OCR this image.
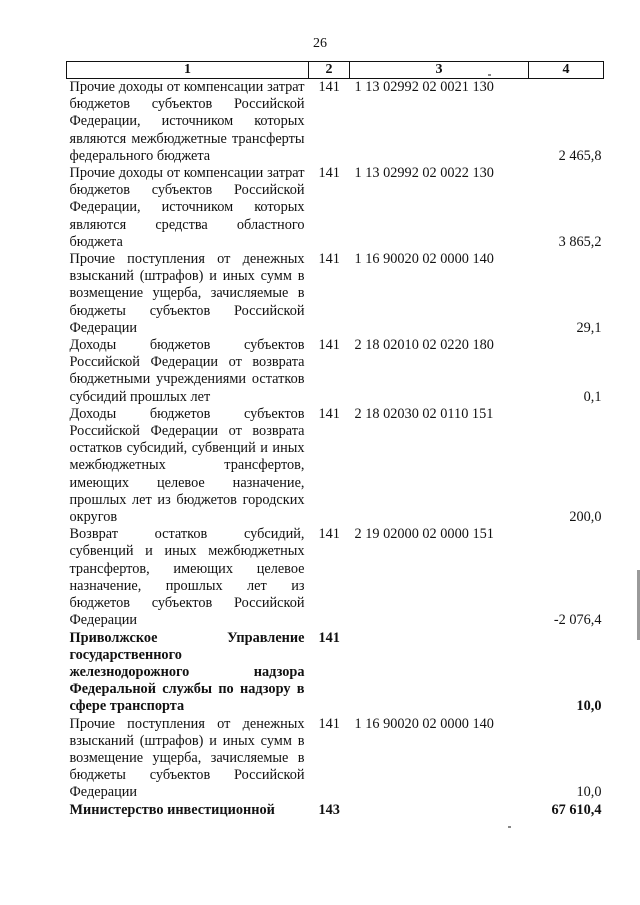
26
1	2	3	4
Прочие доходы от компенсации затрат бюджетов субъектов Российской Федерации, источником которых являются межбюджетные трансферты федерального бюджета	141	1 13 02992 02 0021 130	2 465,8
Прочие доходы от компенсации затрат бюджетов субъектов Российской Федерации, источником которых являются средства областного бюджета	141	1 13 02992 02 0022 130	3 865,2
Прочие поступления от денежных взысканий (штрафов) и иных сумм в возмещение ущерба, зачисляемые в бюджеты субъектов Российской Федерации	141	1 16 90020 02 0000 140	29,1
Доходы бюджетов субъектов Российской Федерации от возврата бюджетными учреждениями остатков субсидий прошлых лет	141	2 18 02010 02 0220 180	0,1
Доходы бюджетов субъектов Российской Федерации от возврата остатков субсидий, субвенций и иных межбюджетных трансфертов, имеющих целевое назначение, прошлых лет из бюджетов городских округов	141	2 18 02030 02 0110 151	200,0
Возврат остатков субсидий, субвенций и иных межбюджетных трансфертов, имеющих целевое назначение, прошлых лет из бюджетов субъектов Российской Федерации	141	2 19 02000 02 0000 151	-2 076,4
Приволжское Управление государственного железнодорожного надзора Федеральной службы по надзору в сфере транспорта	141		10,0
Прочие поступления от денежных взысканий (штрафов) и иных сумм в возмещение ущерба, зачисляемые в бюджеты субъектов Российской Федерации	141	1 16 90020 02 0000 140	10,0
Министерство инвестиционной	143		67 610,4
